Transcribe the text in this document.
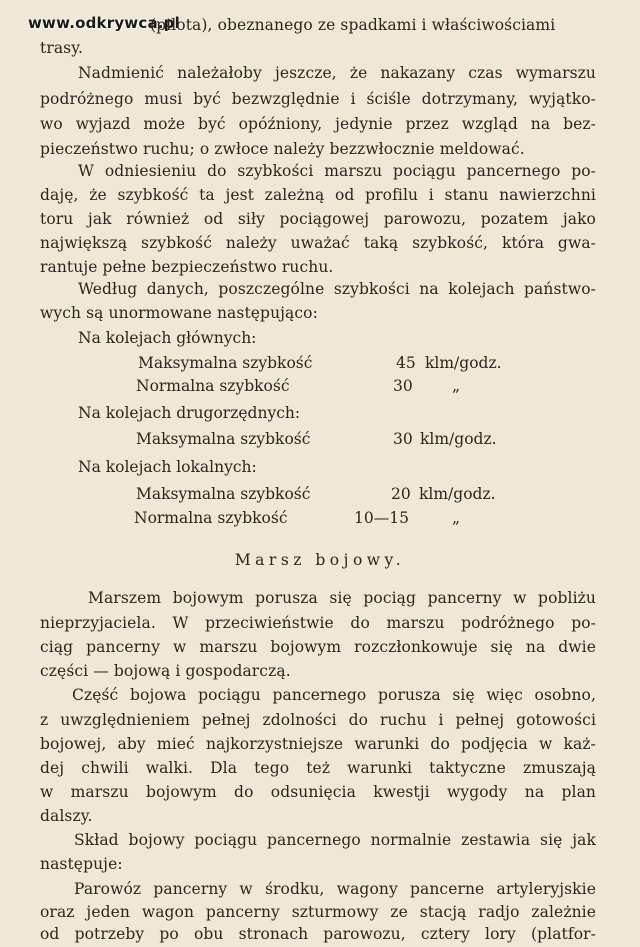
www.odkrywca.pl
(pilota), obeznanego ze spadkami i właściwościami
trasy.
Nadmienić należałoby jeszcze, że nakazany czas wymarszu
podróżnego musi być bezwzględnie i ściśle dotrzymany, wyjątko-
wo wyjazd może być opóźniony, jedynie przez wzgląd na bez-
pieczeństwo ruchu; o zwłoce należy bezzwłocznie meldować.
W odniesieniu do szybkości marszu pociągu pancernego po-
daję, że szybkość ta jest zależną od profilu i stanu nawierzchni
toru jak również od siły pociągowej parowozu, pozatem jako
największą szybkość należy uważać taką szybkość, która gwa-
rantuje pełne bezpieczeństwo ruchu.
Według danych, poszczególne szybkości na kolejach państwo-
wych są unormowane następująco:
Na kolejach głównych:
Maksymalna szybkość	45 klm/godz.
Normalna szybkość	30	„
Na kolejach drugorzędnych:
Maksymalna szybkość	30 klm/godz.
Na kolejach lokalnych:
Maksymalna szybkość	20 klm/godz.
Normalna szybkość	10—15	„
Marsz bojowy.
Marszem bojowym porusza się pociąg pancerny w pobliżu
nieprzyjaciela. W przeciwieństwie do marszu podróżnego po-
ciąg pancerny w marszu bojowym rozczłonkowuje się na dwie
części — bojową i gospodarczą.
Część bojowa pociągu pancernego porusza się więc osobno,
z uwzględnieniem pełnej zdolności do ruchu i pełnej gotowości
bojowej, aby mieć najkorzystniejsze warunki do podjęcia w każ-
dej chwili walki. Dla tego też warunki taktyczne zmuszają
w marszu bojowym do odsunięcia kwestji wygody na plan
dalszy.
Skład bojowy pociągu pancernego normalnie zestawia się jak
następuje:
Parowóz pancerny w środku, wagony pancerne artyleryjskie
oraz jeden wagon pancerny szturmowy ze stacją radjo zależnie
od potrzeby po obu stronach parowozu, cztery lory (platfor-
